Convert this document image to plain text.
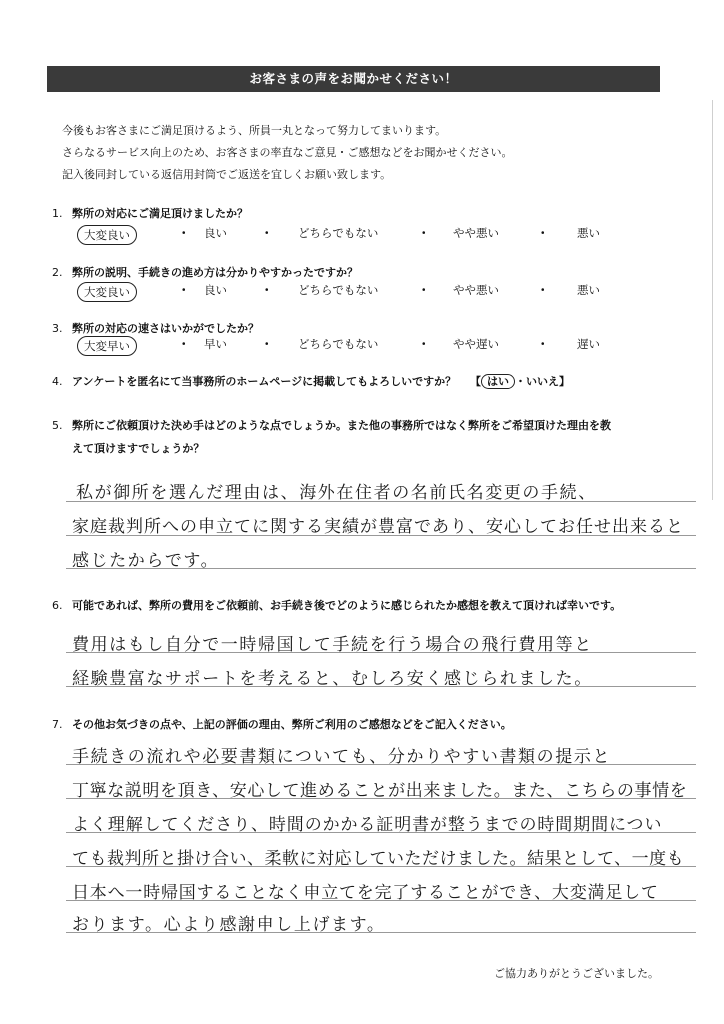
お客さまの声をお聞かせください！
今後もお客さまにご満足頂けるよう、所員一丸となって努力してまいります。
さらなるサービス向上のため、お客さまの率直なご意見・ご感想などをお聞かせください。
記入後同封している返信用封筒でご返送を宜しくお願い致します。
1. 弊所の対応にご満足頂けましたか？
大変良い	・ 良い	・ どちらでもない	・ やや悪い	・ 悪い
2. 弊所の説明、手続きの進め方は分かりやすかったですか？
大変良い	・ 良い	・ どちらでもない	・ やや悪い	・ 悪い
3. 弊所の対応の速さはいかがでしたか？
大変早い	・ 早い	・ どちらでもない	・ やや遅い	・ 遅い
4. アンケートを匿名にて当事務所のホームページに掲載してもよろしいですか？ 【 はい ・いいえ】
5. 弊所にご依頼頂けた決め手はどのような点でしょうか。また他の事務所ではなく弊所をご希望頂けた理由を教
えて頂けますでしょうか？
私が御所を選んだ理由は、海外在住者の名前氏名変更の手続、
家庭裁判所への申立てに関する実績が豊富であり、安心してお任せ出来ると
感じたからです。
6. 可能であれば、弊所の費用をご依頼前、お手続き後でどのように感じられたか感想を教えて頂ければ幸いです。
費用はもし自分で一時帰国して手続を行う場合の飛行費用等と
経験豊富なサポートを考えると、むしろ安く感じられました。
7. その他お気づきの点や、上記の評価の理由、弊所ご利用のご感想などをご記入ください。
手続きの流れや必要書類についても、分かりやすい書類の提示と
丁寧な説明を頂き、安心して進めることが出来ました。また、こちらの事情を
よく理解してくださり、時間のかかる証明書が整うまでの時間期間につい
ても裁判所と掛け合い、柔軟に対応していただけました。結果として、一度も
日本へ一時帰国することなく申立てを完了することができ、大変満足して
おります。心より感謝申し上げます。
ご協力ありがとうございました。
